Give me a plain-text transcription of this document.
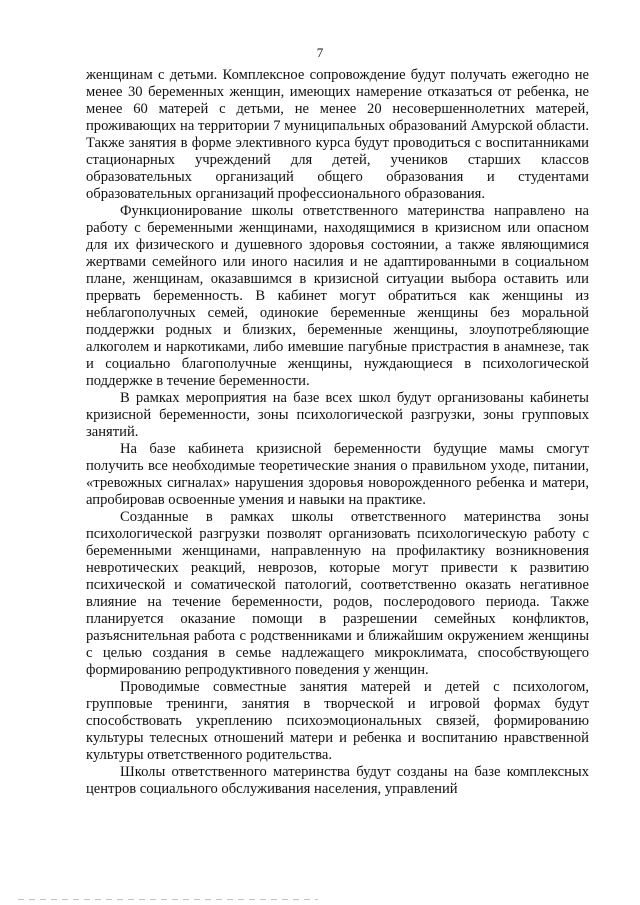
7

женщинам с детьми. Комплексное сопровождение будут получать ежегодно не менее 30 беременных женщин, имеющих намерение отказаться от ребенка, не менее 60 матерей с детьми, не менее 20 несовершеннолетних матерей, проживающих на территории 7 муниципальных образований Амурской области. Также занятия в форме элективного курса будут проводиться с воспитанниками стационарных учреждений для детей, учеников старших классов образовательных организаций общего образования и студентами образовательных организаций профессионального образования.

Функционирование школы ответственного материнства направлено на работу с беременными женщинами, находящимися в кризисном или опасном для их физического и душевного здоровья состоянии, а также являющимися жертвами семейного или иного насилия и не адаптированными в социальном плане, женщинам, оказавшимся в кризисной ситуации выбора оставить или прервать беременность. В кабинет могут обратиться как женщины из неблагополучных семей, одинокие беременные женщины без моральной поддержки родных и близких, беременные женщины, злоупотребляющие алкоголем и наркотиками, либо имевшие пагубные пристрастия в анамнезе, так и социально благополучные женщины, нуждающиеся в психологической поддержке в течение беременности.

В рамках мероприятия на базе всех школ будут организованы кабинеты кризисной беременности, зоны психологической разгрузки, зоны групповых занятий.

На базе кабинета кризисной беременности будущие мамы смогут получить все необходимые теоретические знания о правильном уходе, питании, «тревожных сигналах» нарушения здоровья новорожденного ребенка и матери, апробировав освоенные умения и навыки на практике.

Созданные в рамках школы ответственного материнства зоны психологической разгрузки позволят организовать психологическую работу с беременными женщинами, направленную на профилактику возникновения невротических реакций, неврозов, которые могут привести к развитию психической и соматической патологий, соответственно оказать негативное влияние на течение беременности, родов, послеродового периода. Также планируется оказание помощи в разрешении семейных конфликтов, разъяснительная работа с родственниками и ближайшим окружением женщины с целью создания в семье надлежащего микроклимата, способствующего формированию репродуктивного поведения у женщин.

Проводимые совместные занятия матерей и детей с психологом, групповые тренинги, занятия в творческой и игровой формах будут способствовать укреплению психоэмоциональных связей, формированию культуры телесных отношений матери и ребенка и воспитанию нравственной культуры ответственного родительства.

Школы ответственного материнства будут созданы на базе комплексных центров социального обслуживания населения, управлений
